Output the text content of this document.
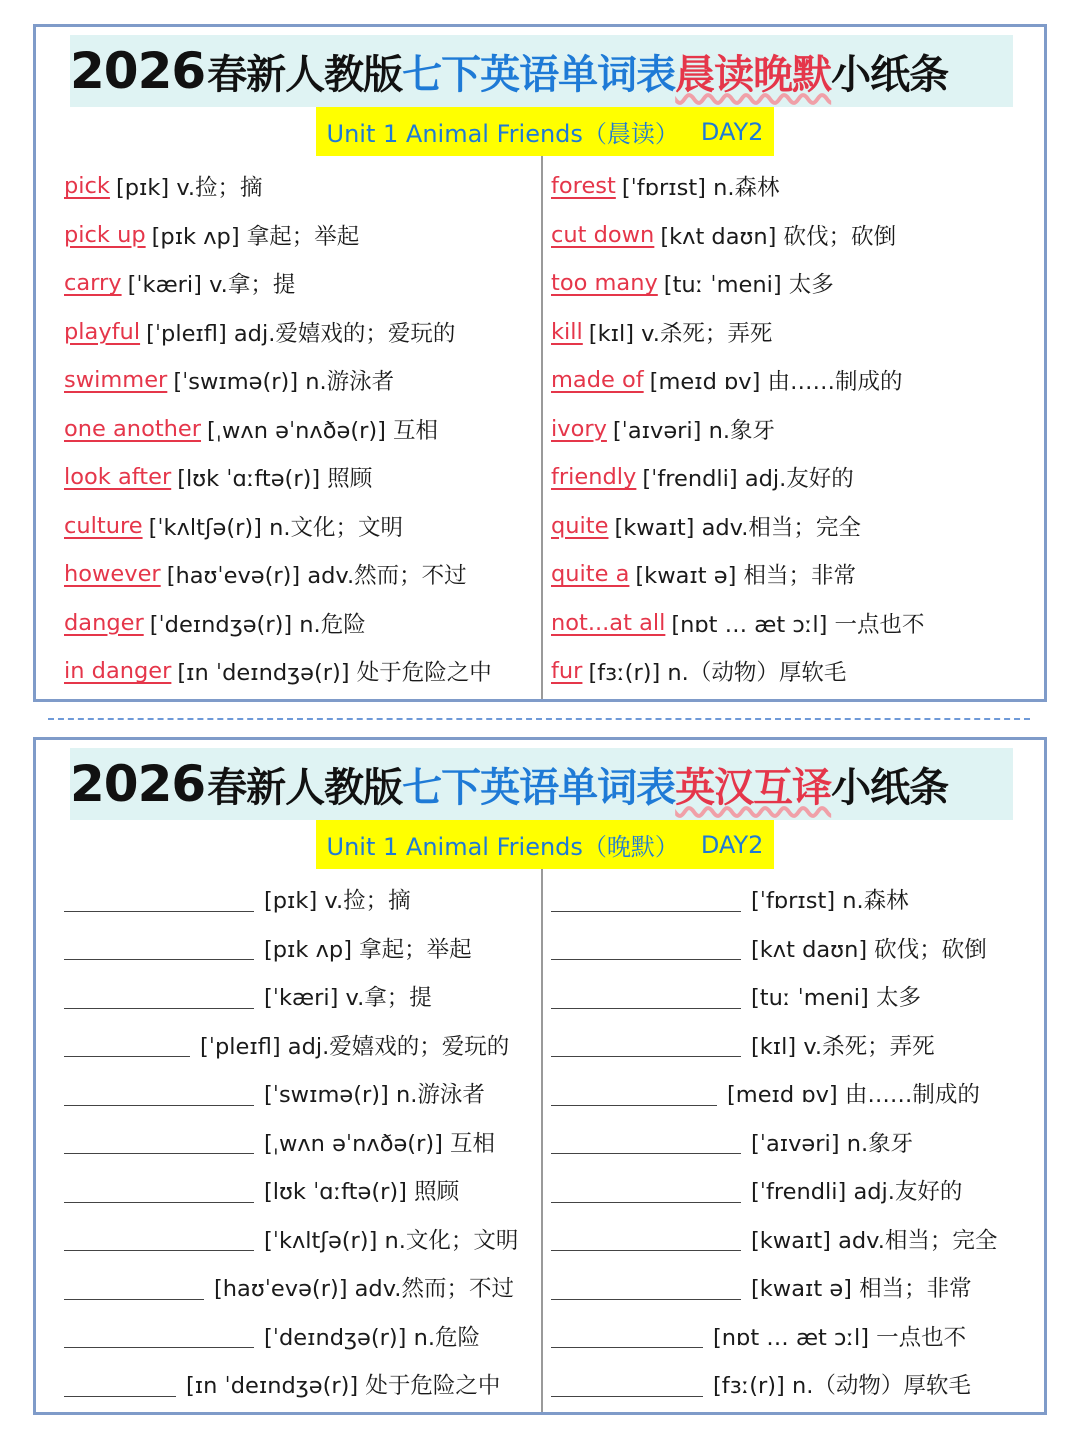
2026 春新人教版 七下英语单词表 晨读晚默 小纸条
Unit 1 Animal Friends（晨读） DAY2
pick [pɪk] v.捡；摘
pick up [pɪk ʌp] 拿起；举起
carry [ˈkæri] v.拿；提
playful [ˈpleɪfl] adj.爱嬉戏的；爱玩的
swimmer [ˈswɪmə(r)] n.游泳者
one another [ˌwʌn əˈnʌðə(r)] 互相
look after [lʊk ˈɑːftə(r)] 照顾
culture [ˈkʌltʃə(r)] n.文化；文明
however [haʊˈevə(r)] adv.然而；不过
danger [ˈdeɪndʒə(r)] n.危险
in danger [ɪn ˈdeɪndʒə(r)] 处于危险之中
forest [ˈfɒrɪst] n.森林
cut down [kʌt daʊn] 砍伐；砍倒
too many [tuː ˈmeni] 太多
kill [kɪl] v.杀死；弄死
made of [meɪd ɒv] 由……制成的
ivory [ˈaɪvəri] n.象牙
friendly [ˈfrendli] adj.友好的
quite [kwaɪt] adv.相当；完全
quite a [kwaɪt ə] 相当；非常
not...at all [nɒt … æt ɔːl] 一点也不
fur [fɜː(r)] n.（动物）厚软毛
2026 春新人教版 七下英语单词表 英汉互译 小纸条
Unit 1 Animal Friends（晚默） DAY2
[pɪk] v.捡；摘
[pɪk ʌp] 拿起；举起
[ˈkæri] v.拿；提
[ˈpleɪfl] adj.爱嬉戏的；爱玩的
[ˈswɪmə(r)] n.游泳者
[ˌwʌn əˈnʌðə(r)] 互相
[lʊk ˈɑːftə(r)] 照顾
[ˈkʌltʃə(r)] n.文化；文明
[haʊˈevə(r)] adv.然而；不过
[ˈdeɪndʒə(r)] n.危险
[ɪn ˈdeɪndʒə(r)] 处于危险之中
[ˈfɒrɪst] n.森林
[kʌt daʊn] 砍伐；砍倒
[tuː ˈmeni] 太多
[kɪl] v.杀死；弄死
[meɪd ɒv] 由……制成的
[ˈaɪvəri] n.象牙
[ˈfrendli] adj.友好的
[kwaɪt] adv.相当；完全
[kwaɪt ə] 相当；非常
[nɒt … æt ɔːl] 一点也不
[fɜː(r)] n.（动物）厚软毛
